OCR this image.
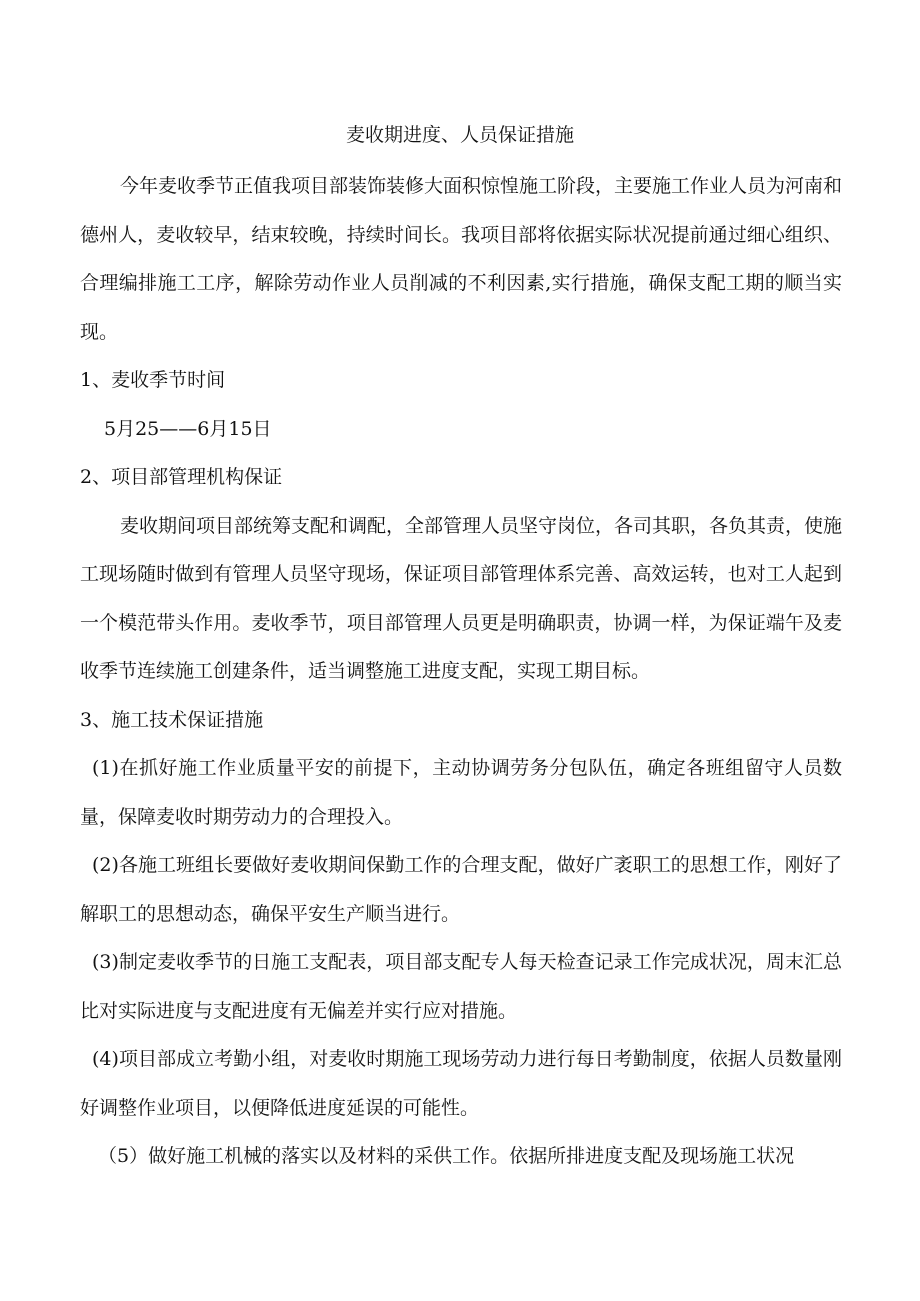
麦收期进度、人员保证措施

今年麦收季节正值我项目部装饰装修大面积惊惶施工阶段，主要施工作业人员为河南和德州人，麦收较早，结束较晚，持续时间长。我项目部将依据实际状况提前通过细心组织、合理编排施工工序，解除劳动作业人员削减的不利因素,实行措施，确保支配工期的顺当实现。

1、麦收季节时间

5月25——6月15日

2、项目部管理机构保证

麦收期间项目部统筹支配和调配，全部管理人员坚守岗位，各司其职，各负其责，使施工现场随时做到有管理人员坚守现场，保证项目部管理体系完善、高效运转，也对工人起到一个模范带头作用。麦收季节，项目部管理人员更是明确职责，协调一样，为保证端午及麦收季节连续施工创建条件，适当调整施工进度支配，实现工期目标。

3、施工技术保证措施

(1)在抓好施工作业质量平安的前提下，主动协调劳务分包队伍，确定各班组留守人员数量，保障麦收时期劳动力的合理投入。

(2)各施工班组长要做好麦收期间保勤工作的合理支配，做好广袤职工的思想工作，刚好了解职工的思想动态，确保平安生产顺当进行。

(3)制定麦收季节的日施工支配表，项目部支配专人每天检查记录工作完成状况，周末汇总比对实际进度与支配进度有无偏差并实行应对措施。

(4)项目部成立考勤小组，对麦收时期施工现场劳动力进行每日考勤制度，依据人员数量刚好调整作业项目，以便降低进度延误的可能性。

（5）做好施工机械的落实以及材料的采供工作。依据所排进度支配及现场施工状况
